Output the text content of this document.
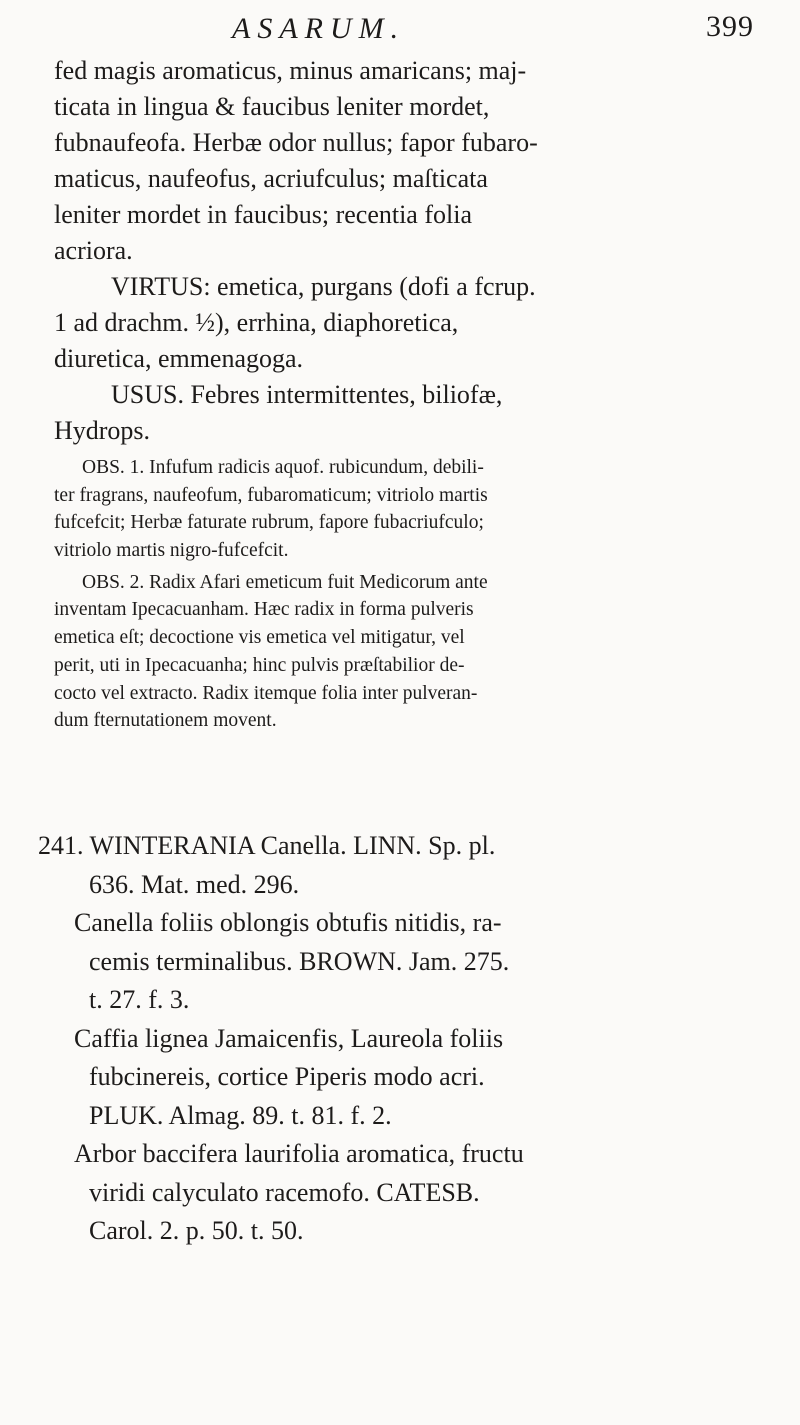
ASARUM.	399
fed magis aromaticus, minus amaricans; maj-
ticata in lingua & faucibus leniter mordet,
fubnaufeofa. Herbæ odor nullus; fapor fubaro-
maticus, naufeofus, acriufculus; maſticata
leniter mordet in faucibus; recentia folia
acriora.
VIRTUS: emetica, purgans (dofi a fcrup.
1 ad drachm. ½), errhina, diaphoretica,
diuretica, emmenagoga.
USUS. Febres intermittentes, biliofæ,
Hydrops.
OBS. 1. Infufum radicis aquof. rubicundum, debili-
ter fragrans, naufeofum, fubaromaticum; vitriolo martis
fufcefcit; Herbæ faturate rubrum, fapore fubacriufculo;
vitriolo martis nigro-fufcefcit.
OBS. 2. Radix Afari emeticum fuit Medicorum ante
inventam Ipecacuanham. Hæc radix in forma pulveris
emetica eſt; decoctione vis emetica vel mitigatur, vel
perit, uti in Ipecacuanha; hinc pulvis præſtabilior de-
cocto vel extracto. Radix itemque folia inter pulveran-
dum fternutationem movent.
241. WINTERANIA Canella. LINN. Sp. pl.
636. Mat. med. 296.
Canella foliis oblongis obtufis nitidis, ra-
cemis terminalibus. BROWN. Jam. 275.
t. 27. f. 3.
Caffia lignea Jamaicenfis, Laureola foliis
fubcinereis, cortice Piperis modo acri.
PLUK. Almag. 89. t. 81. f. 2.
Arbor baccifera laurifolia aromatica, fructu
viridi calyculato racemofo. CATESB.
Carol. 2. p. 50. t. 50.
